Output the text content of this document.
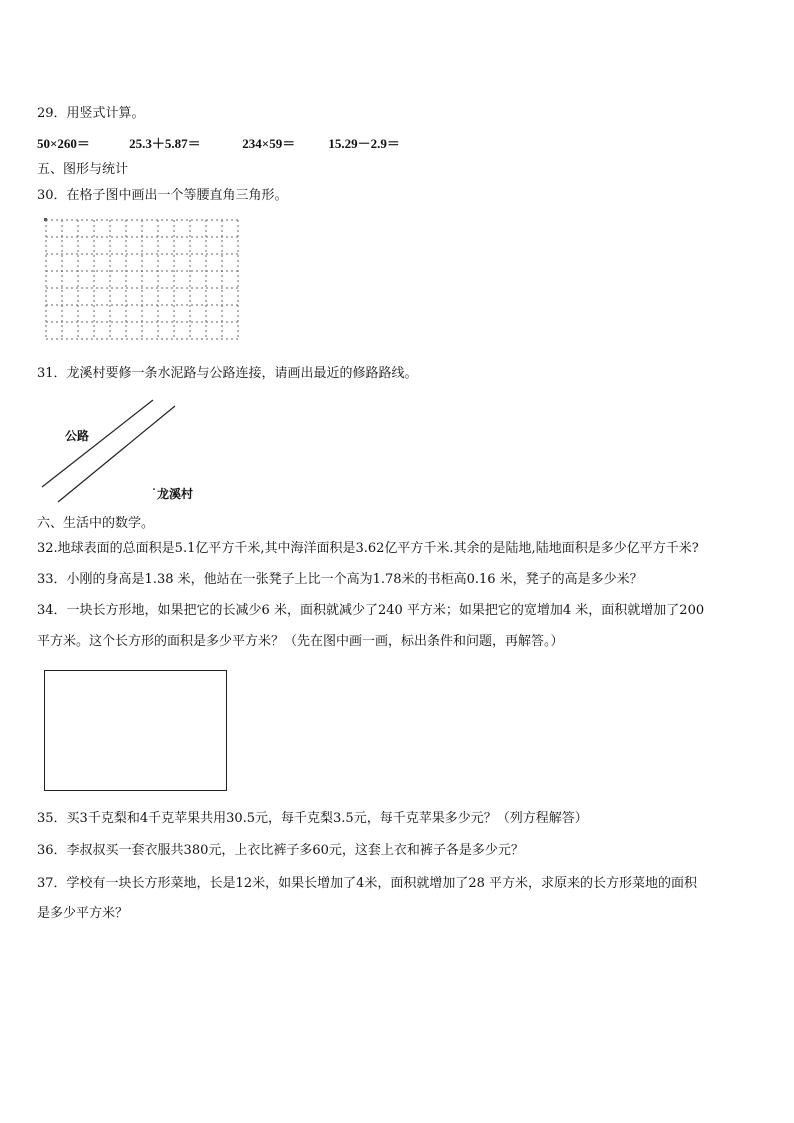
29．用竖式计算。
50×260＝	25.3＋5.87＝	234×59＝	15.29－2.9＝
五、图形与统计
30．在格子图中画出一个等腰直角三角形。
31．龙溪村要修一条水泥路与公路连接，请画出最近的修路路线。
公路
˙龙溪村
六、生活中的数学。
32.地球表面的总面积是5.1亿平方千米,其中海洋面积是3.62亿平方千米.其余的是陆地,陆地面积是多少亿平方千米?
33．小刚的身高是1.38 米，他站在一张凳子上比一个高为1.78米的书柜高0.16 米，凳子的高是多少米？
34．一块长方形地，如果把它的长减少6 米，面积就减少了240 平方米；如果把它的宽增加4 米，面积就增加了200
平方米。这个长方形的面积是多少平方米？（先在图中画一画，标出条件和问题，再解答。）
35．买3千克梨和4千克苹果共用30.5元，每千克梨3.5元，每千克苹果多少元？（列方程解答）
36．李叔叔买一套衣服共380元，上衣比裤子多60元，这套上衣和裤子各是多少元？
37．学校有一块长方形菜地，长是12米，如果长增加了4米，面积就增加了28 平方米，求原来的长方形菜地的面积
是多少平方米？
